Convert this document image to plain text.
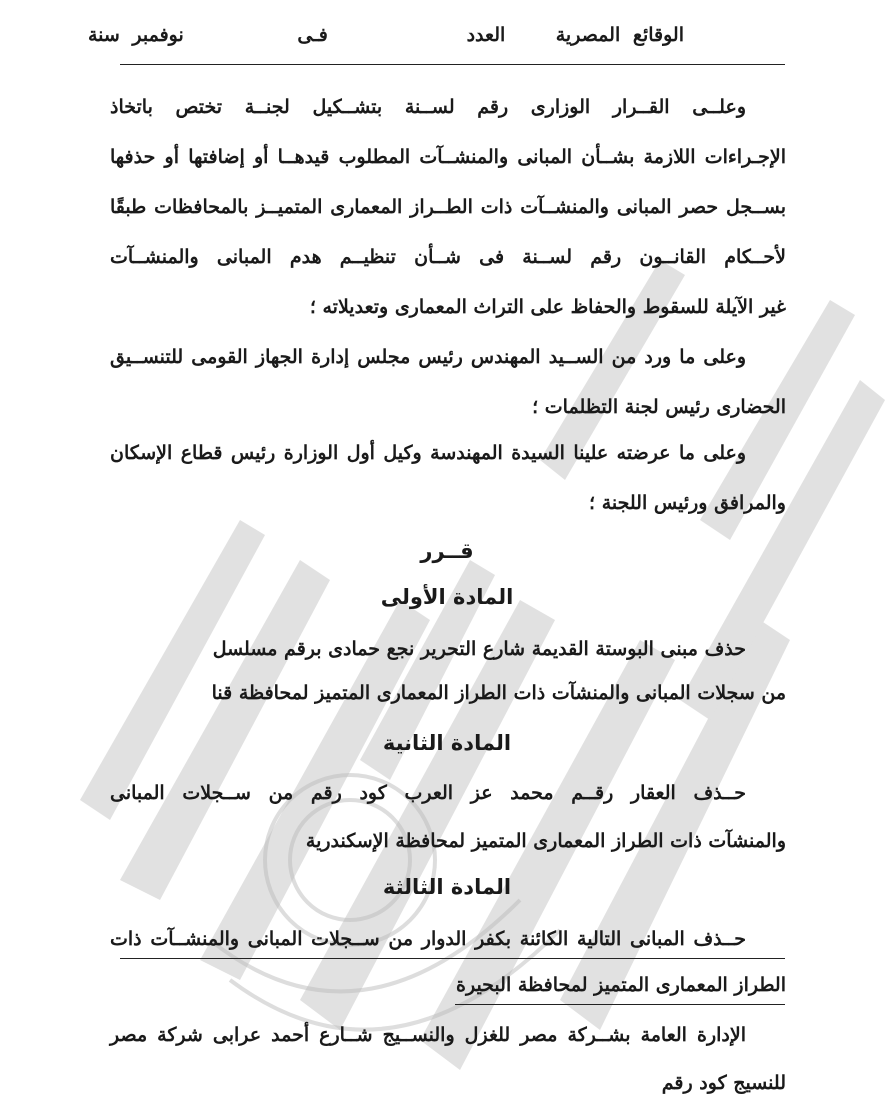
الوقائع المصرية    العدد           فـى         نوفمبر سنة
وعلــى القــرار الوزارى رقم لســنة بتشــكيل لجنــة تختص باتخاذ
الإجـراءات اللازمة بشــأن المبانى والمنشــآت المطلوب قيدهــا أو إضافتها أو حذفها
بســجل حصر المبانى والمنشــآت ذات الطــراز المعمارى المتميــز بالمحافظات طبقًا
لأحــكام القانــون رقم لســنة فى شــأن تنظيــم هدم المبانى والمنشــآت
غير الآيلة للسقوط والحفاظ على التراث المعمارى وتعديلاته ؛
وعلى ما ورد من الســيد المهندس رئيس مجلس إدارة الجهاز القومى للتنســيق
الحضارى رئيس لجنة التظلمات ؛
وعلى ما عرضته علينا السيدة المهندسة وكيل أول الوزارة رئيس قطاع الإسكان
والمرافق ورئيس اللجنة ؛
قــرر
المادة الأولى
حذف مبنى البوستة القديمة شارع التحرير نجع حمادى برقم مسلسل
من سجلات المبانى والمنشآت ذات الطراز المعمارى المتميز لمحافظة قنا
المادة الثانية
حــذف العقار رقــم محمد عز العرب كود رقم من ســجلات المبانى
والمنشآت ذات الطراز المعمارى المتميز لمحافظة الإسكندرية
المادة الثالثة
حــذف المبانى التالية الكائنة بكفر الدوار من ســجلات المبانى والمنشــآت ذات
الطراز المعمارى المتميز لمحافظة البحيرة
الإدارة العامة بشــركة مصر للغزل والنســيج شــارع أحمد عرابى شركة مصر
للنسيج كود رقم
